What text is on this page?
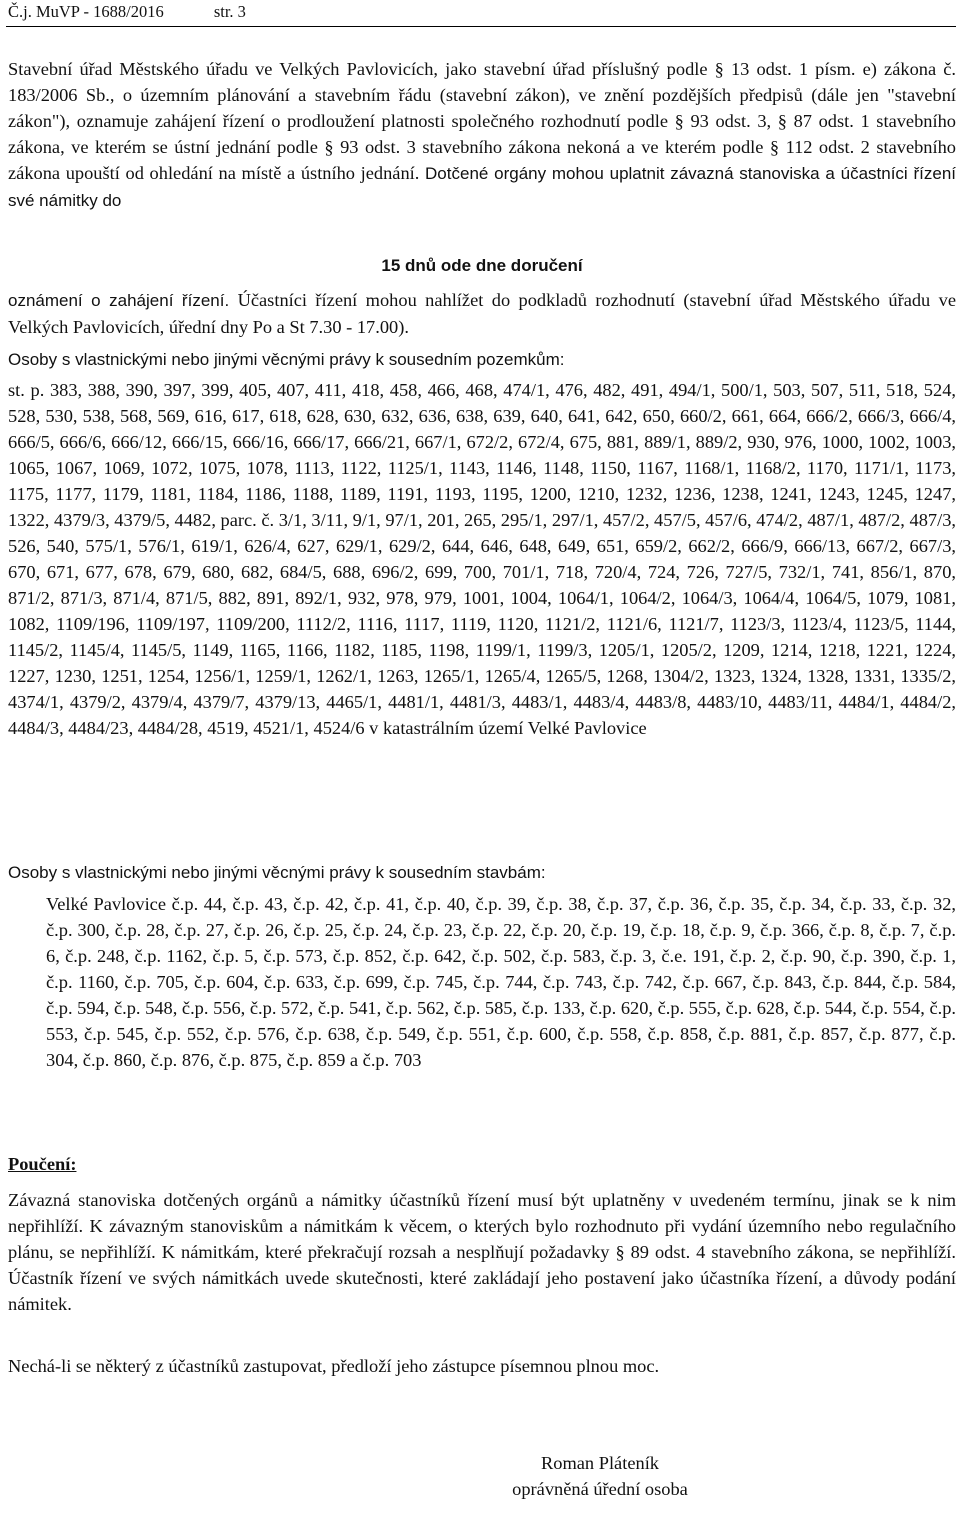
Č.j. MuVP - 1688/2016	str. 3

Stavební úřad Městského úřadu ve Velkých Pavlovicích, jako stavební úřad příslušný podle § 13 odst. 1 písm. e) zákona č. 183/2006 Sb., o územním plánování a stavebním řádu (stavební zákon), ve znění pozdějších předpisů (dále jen "stavební zákon"), oznamuje zahájení řízení o prodloužení platnosti společného rozhodnutí podle § 93 odst. 3, § 87 odst. 1 stavebního zákona, ve kterém se ústní jednání podle § 93 odst. 3 stavebního zákona nekoná a ve kterém podle § 112 odst. 2 stavebního zákona upouští od ohledání na místě a ústního jednání. Dotčené orgány mohou uplatnit závazná stanoviska a účastníci řízení své námitky do

15 dnů ode dne doručení

oznámení o zahájení řízení. Účastníci řízení mohou nahlížet do podkladů rozhodnutí (stavební úřad Městského úřadu ve Velkých Pavlovicích, úřední dny Po a St 7.30 - 17.00).

Osoby s vlastnickými nebo jinými věcnými právy k sousedním pozemkům:

st. p. 383, 388, 390, 397, 399, 405, 407, 411, 418, 458, 466, 468, 474/1, 476, 482, 491, 494/1, 500/1, 503, 507, 511, 518, 524, 528, 530, 538, 568, 569, 616, 617, 618, 628, 630, 632, 636, 638, 639, 640, 641, 642, 650, 660/2, 661, 664, 666/2, 666/3, 666/4, 666/5, 666/6, 666/12, 666/15, 666/16, 666/17, 666/21, 667/1, 672/2, 672/4, 675, 881, 889/1, 889/2, 930, 976, 1000, 1002, 1003, 1065, 1067, 1069, 1072, 1075, 1078, 1113, 1122, 1125/1, 1143, 1146, 1148, 1150, 1167, 1168/1, 1168/2, 1170, 1171/1, 1173, 1175, 1177, 1179, 1181, 1184, 1186, 1188, 1189, 1191, 1193, 1195, 1200, 1210, 1232, 1236, 1238, 1241, 1243, 1245, 1247, 1322, 4379/3, 4379/5, 4482, parc. č. 3/1, 3/11, 9/1, 97/1, 201, 265, 295/1, 297/1, 457/2, 457/5, 457/6, 474/2, 487/1, 487/2, 487/3, 526, 540, 575/1, 576/1, 619/1, 626/4, 627, 629/1, 629/2, 644, 646, 648, 649, 651, 659/2, 662/2, 666/9, 666/13, 667/2, 667/3, 670, 671, 677, 678, 679, 680, 682, 684/5, 688, 696/2, 699, 700, 701/1, 718, 720/4, 724, 726, 727/5, 732/1, 741, 856/1, 870, 871/2, 871/3, 871/4, 871/5, 882, 891, 892/1, 932, 978, 979, 1001, 1004, 1064/1, 1064/2, 1064/3, 1064/4, 1064/5, 1079, 1081, 1082, 1109/196, 1109/197, 1109/200, 1112/2, 1116, 1117, 1119, 1120, 1121/2, 1121/6, 1121/7, 1123/3, 1123/4, 1123/5, 1144, 1145/2, 1145/4, 1145/5, 1149, 1165, 1166, 1182, 1185, 1198, 1199/1, 1199/3, 1205/1, 1205/2, 1209, 1214, 1218, 1221, 1224, 1227, 1230, 1251, 1254, 1256/1, 1259/1, 1262/1, 1263, 1265/1, 1265/4, 1265/5, 1268, 1304/2, 1323, 1324, 1328, 1331, 1335/2, 4374/1, 4379/2, 4379/4, 4379/7, 4379/13, 4465/1, 4481/1, 4481/3, 4483/1, 4483/4, 4483/8, 4483/10, 4483/11, 4484/1, 4484/2, 4484/3, 4484/23, 4484/28, 4519, 4521/1, 4524/6 v katastrálním území Velké Pavlovice

Osoby s vlastnickými nebo jinými věcnými právy k sousedním stavbám:

Velké Pavlovice č.p. 44, č.p. 43, č.p. 42, č.p. 41, č.p. 40, č.p. 39, č.p. 38, č.p. 37, č.p. 36, č.p. 35, č.p. 34, č.p. 33, č.p. 32, č.p. 300, č.p. 28, č.p. 27, č.p. 26, č.p. 25, č.p. 24, č.p. 23, č.p. 22, č.p. 20, č.p. 19, č.p. 18, č.p. 9, č.p. 366, č.p. 8, č.p. 7, č.p. 6, č.p. 248, č.p. 1162, č.p. 5, č.p. 573, č.p. 852, č.p. 642, č.p. 502, č.p. 583, č.p. 3, č.e. 191, č.p. 2, č.p. 90, č.p. 390, č.p. 1, č.p. 1160, č.p. 705, č.p. 604, č.p. 633, č.p. 699, č.p. 745, č.p. 744, č.p. 743, č.p. 742, č.p. 667, č.p. 843, č.p. 844, č.p. 584, č.p. 594, č.p. 548, č.p. 556, č.p. 572, č.p. 541, č.p. 562, č.p. 585, č.p. 133, č.p. 620, č.p. 555, č.p. 628, č.p. 544, č.p. 554, č.p. 553, č.p. 545, č.p. 552, č.p. 576, č.p. 638, č.p. 549, č.p. 551, č.p. 600, č.p. 558, č.p. 858, č.p. 881, č.p. 857, č.p. 877, č.p. 304, č.p. 860, č.p. 876, č.p. 875, č.p. 859 a č.p. 703

Poučení:

Závazná stanoviska dotčených orgánů a námitky účastníků řízení musí být uplatněny v uvedeném termínu, jinak se k nim nepřihlíží. K závazným stanoviskům a námitkám k věcem, o kterých bylo rozhodnuto při vydání územního nebo regulačního plánu, se nepřihlíží. K námitkám, které překračují rozsah a nesplňují požadavky § 89 odst. 4 stavebního zákona, se nepřihlíží. Účastník řízení ve svých námitkách uvede skutečnosti, které zakládají jeho postavení jako účastníka řízení, a důvody podání námitek.

Nechá-li se některý z účastníků zastupovat, předloží jeho zástupce písemnou plnou moc.

Roman Pláteník
oprávněná úřední osoba
